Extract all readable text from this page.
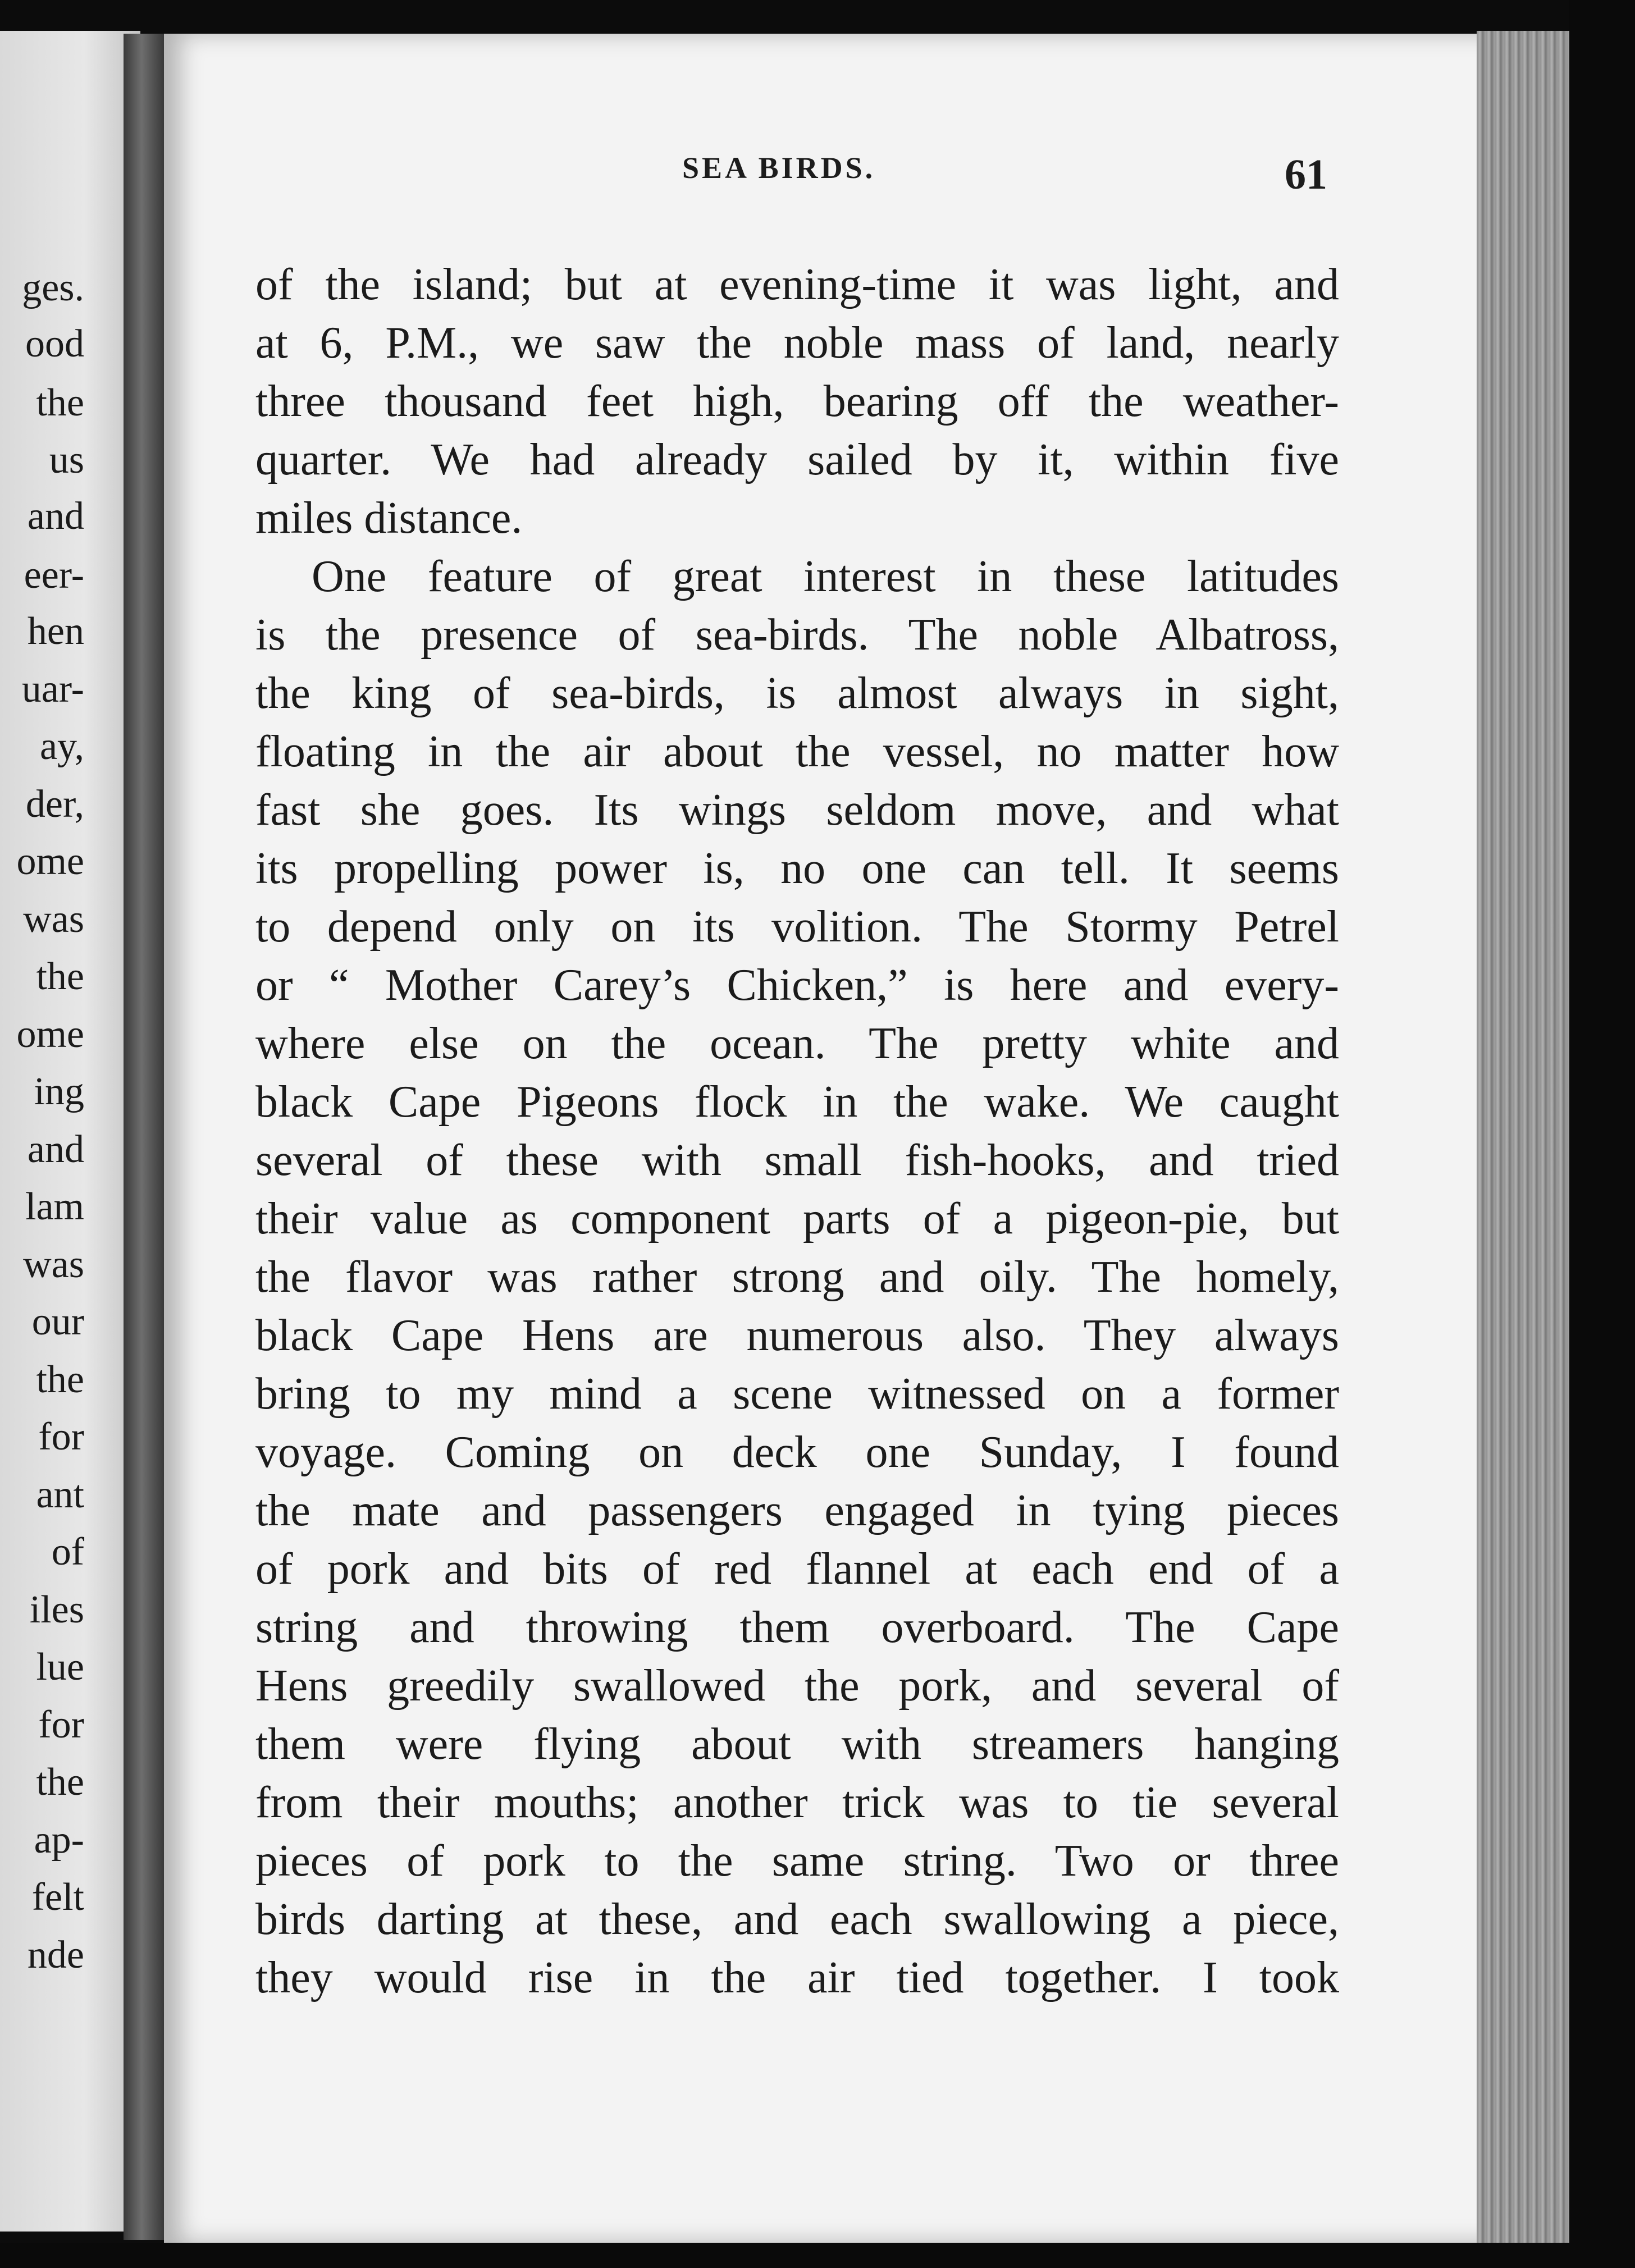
ges.
ood
the
us
and
eer-
hen
uar-
ay,
der,
ome
was
the
ome
ing
and
lam
was
our
the
for
ant
of
iles
lue
for
the
ap-
felt
nde
SEA BIRDS.	61
of the island; but at evening-time it was light, and
at 6, P.M., we saw the noble mass of land, nearly
three thousand feet high, bearing off the weather-
quarter. We had already sailed by it, within five
miles distance.
One feature of great interest in these latitudes
is the presence of sea-birds. The noble Albatross,
the king of sea-birds, is almost always in sight,
floating in the air about the vessel, no matter how
fast she goes. Its wings seldom move, and what
its propelling power is, no one can tell. It seems
to depend only on its volition. The Stormy Petrel
or “ Mother Carey’s Chicken,” is here and every-
where else on the ocean. The pretty white and
black Cape Pigeons flock in the wake. We caught
several of these with small fish-hooks, and tried
their value as component parts of a pigeon-pie, but
the flavor was rather strong and oily. The homely,
black Cape Hens are numerous also. They always
bring to my mind a scene witnessed on a former
voyage. Coming on deck one Sunday, I found
the mate and passengers engaged in tying pieces
of pork and bits of red flannel at each end of a
string and throwing them overboard. The Cape
Hens greedily swallowed the pork, and several of
them were flying about with streamers hanging
from their mouths; another trick was to tie several
pieces of pork to the same string. Two or three
birds darting at these, and each swallowing a piece,
they would rise in the air tied together. I took
